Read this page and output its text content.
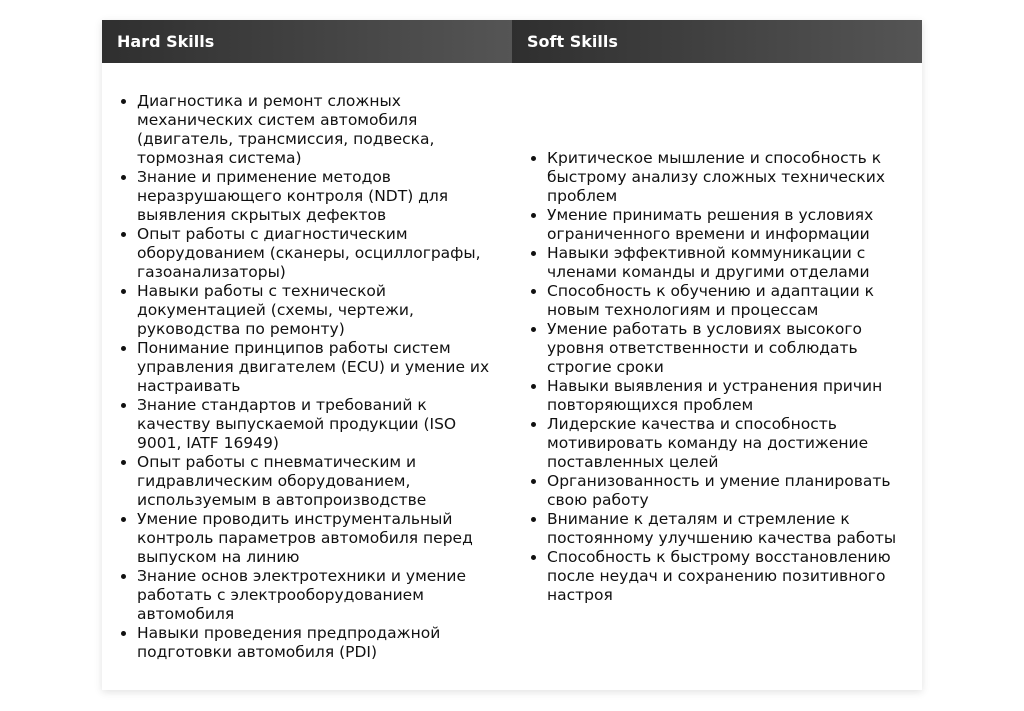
Hard Skills	Soft Skills
• Диагностика и ремонт сложных механических систем автомобиля (двигатель, трансмиссия, подвеска, тормозная система)
• Знание и применение методов неразрушающего контроля (NDT) для выявления скрытых дефектов
• Опыт работы с диагностическим оборудованием (сканеры, осциллографы, газоанализаторы)
• Навыки работы с технической документацией (схемы, чертежи, руководства по ремонту)
• Понимание принципов работы систем управления двигателем (ECU) и умение их настраивать
• Знание стандартов и требований к качеству выпускаемой продукции (ISO 9001, IATF 16949)
• Опыт работы с пневматическим и гидравлическим оборудованием, используемым в автопроизводстве
• Умение проводить инструментальный контроль параметров автомобиля перед выпуском на линию
• Знание основ электротехники и умение работать с электрооборудованием автомобиля
• Навыки проведения предпродажной подготовки автомобиля (PDI)
• Критическое мышление и способность к быстрому анализу сложных технических проблем
• Умение принимать решения в условиях ограниченного времени и информации
• Навыки эффективной коммуникации с членами команды и другими отделами
• Способность к обучению и адаптации к новым технологиям и процессам
• Умение работать в условиях высокого уровня ответственности и соблюдать строгие сроки
• Навыки выявления и устранения причин повторяющихся проблем
• Лидерские качества и способность мотивировать команду на достижение поставленных целей
• Организованность и умение планировать свою работу
• Внимание к деталям и стремление к постоянному улучшению качества работы
• Способность к быстрому восстановлению после неудач и сохранению позитивного настроя
